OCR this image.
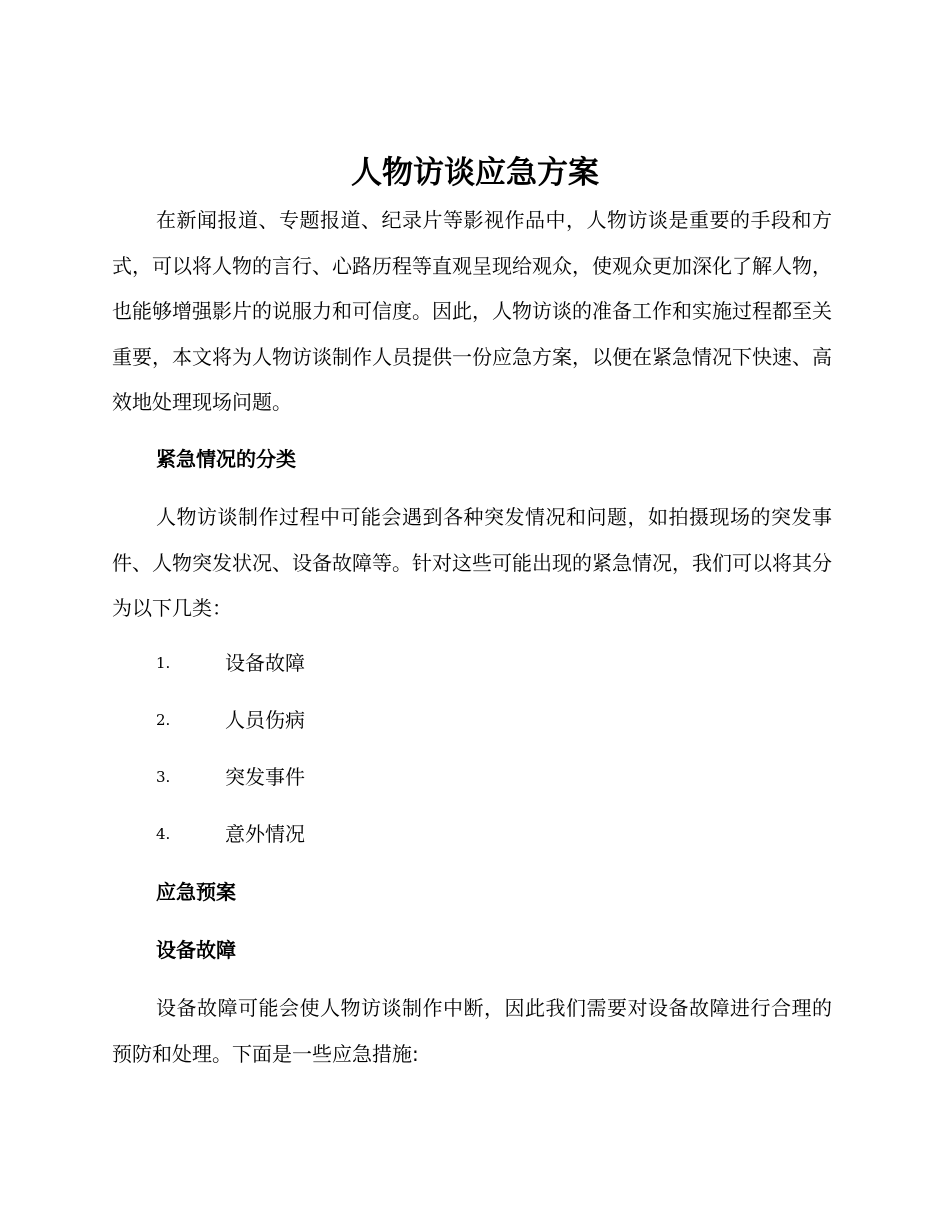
人物访谈应急方案

在新闻报道、专题报道、纪录片等影视作品中，人物访谈是重要的手段和方式，可以将人物的言行、心路历程等直观呈现给观众，使观众更加深化了解人物，也能够增强影片的说服力和可信度。因此，人物访谈的准备工作和实施过程都至关重要，本文将为人物访谈制作人员提供一份应急方案，以便在紧急情况下快速、高效地处理现场问题。

紧急情况的分类

人物访谈制作过程中可能会遇到各种突发情况和问题，如拍摄现场的突发事件、人物突发状况、设备故障等。针对这些可能出现的紧急情况，我们可以将其分为以下几类：

1.	设备故障
2.	人员伤病
3.	突发事件
4.	意外情况
应急预案
设备故障

设备故障可能会使人物访谈制作中断，因此我们需要对设备故障进行合理的预防和处理。下面是一些应急措施:
